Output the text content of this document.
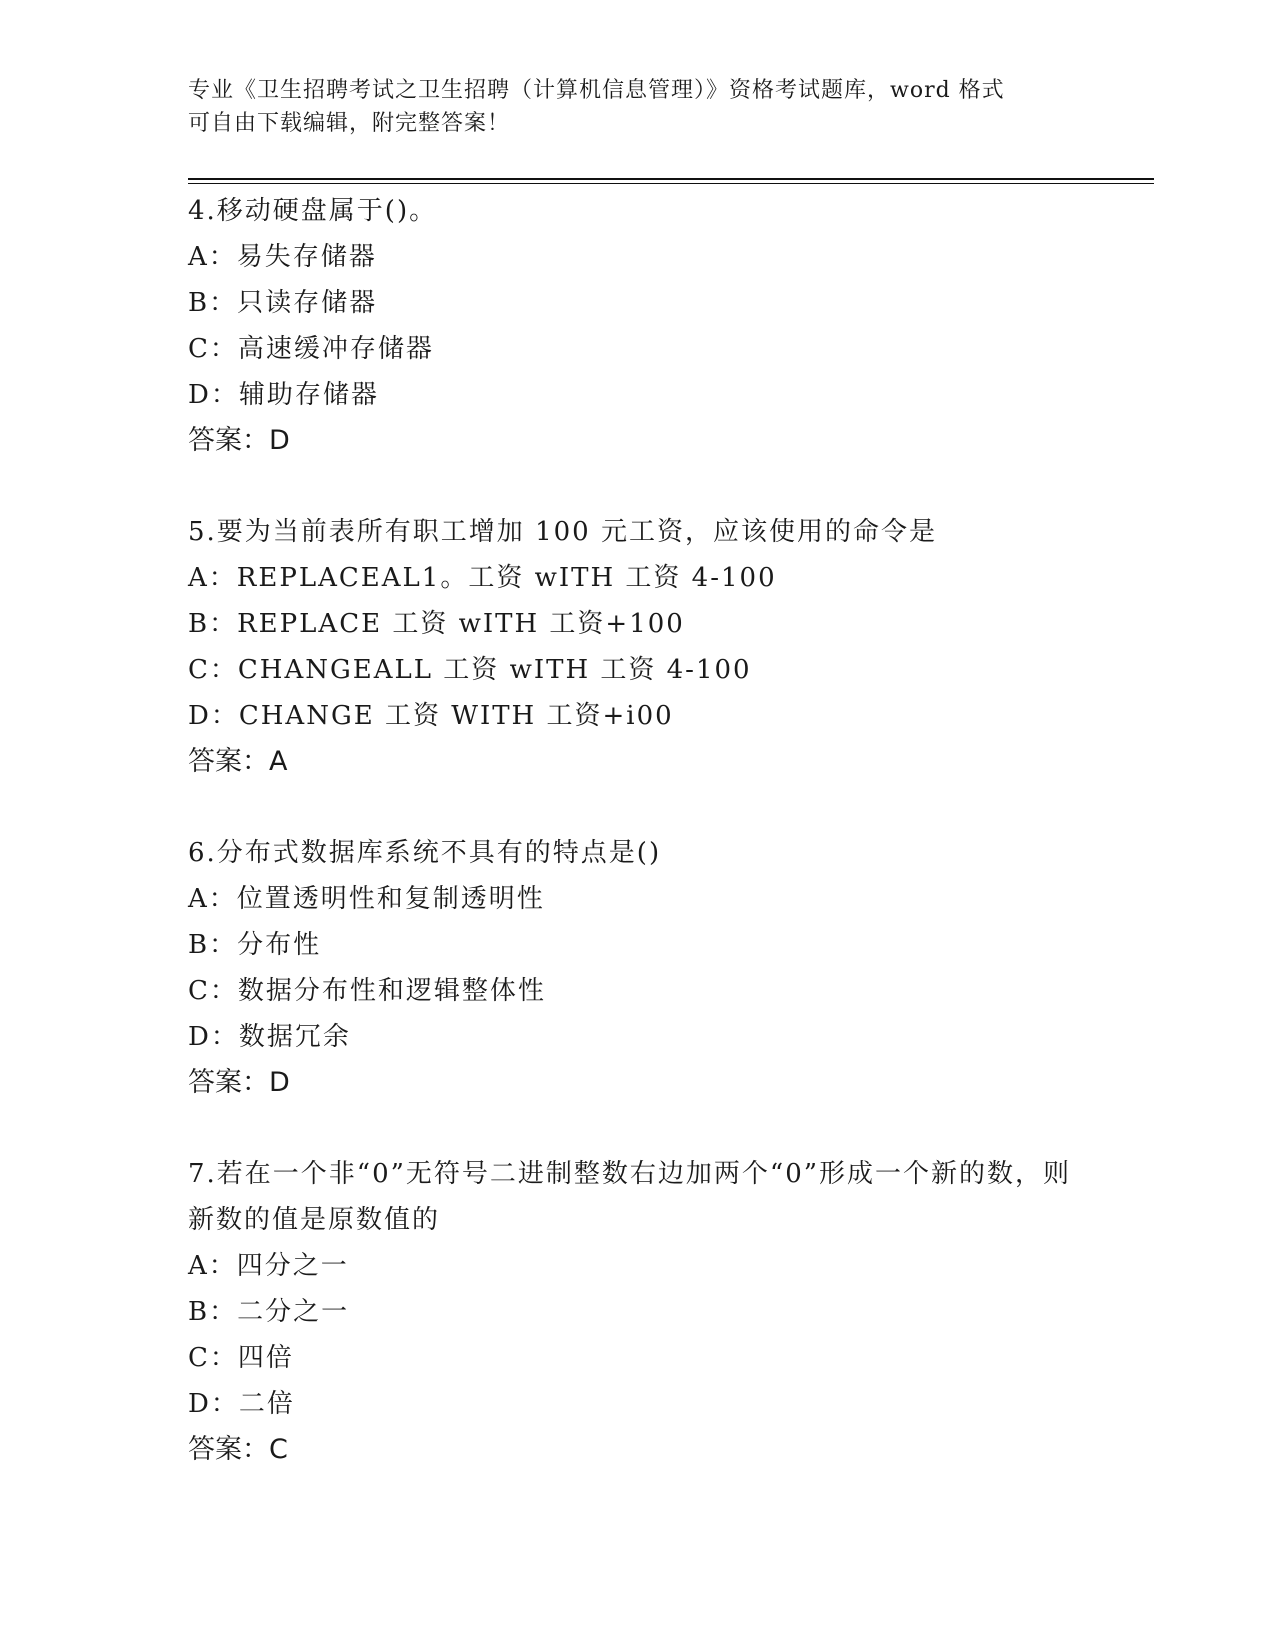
专业《卫生招聘考试之卫生招聘（计算机信息管理）》资格考试题库，word 格式
可自由下载编辑，附完整答案！
4.移动硬盘属于()。
A：易失存储器
B：只读存储器
C：高速缓冲存储器
D：辅助存储器
答案：D
5.要为当前表所有职工增加 100 元工资，应该使用的命令是
A：REPLACEAL1。工资 wITH 工资 4-100
B：REPLACE 工资 wITH 工资+100
C：CHANGEALL 工资 wITH 工资 4-100
D：CHANGE 工资 WITH 工资+i00
答案：A
6.分布式数据库系统不具有的特点是()
A：位置透明性和复制透明性
B：分布性
C：数据分布性和逻辑整体性
D：数据冗余
答案：D
7.若在一个非“0”无符号二进制整数右边加两个“0”形成一个新的数，则新数的值是原数值的
A：四分之一
B：二分之一
C：四倍
D：二倍
答案：C
